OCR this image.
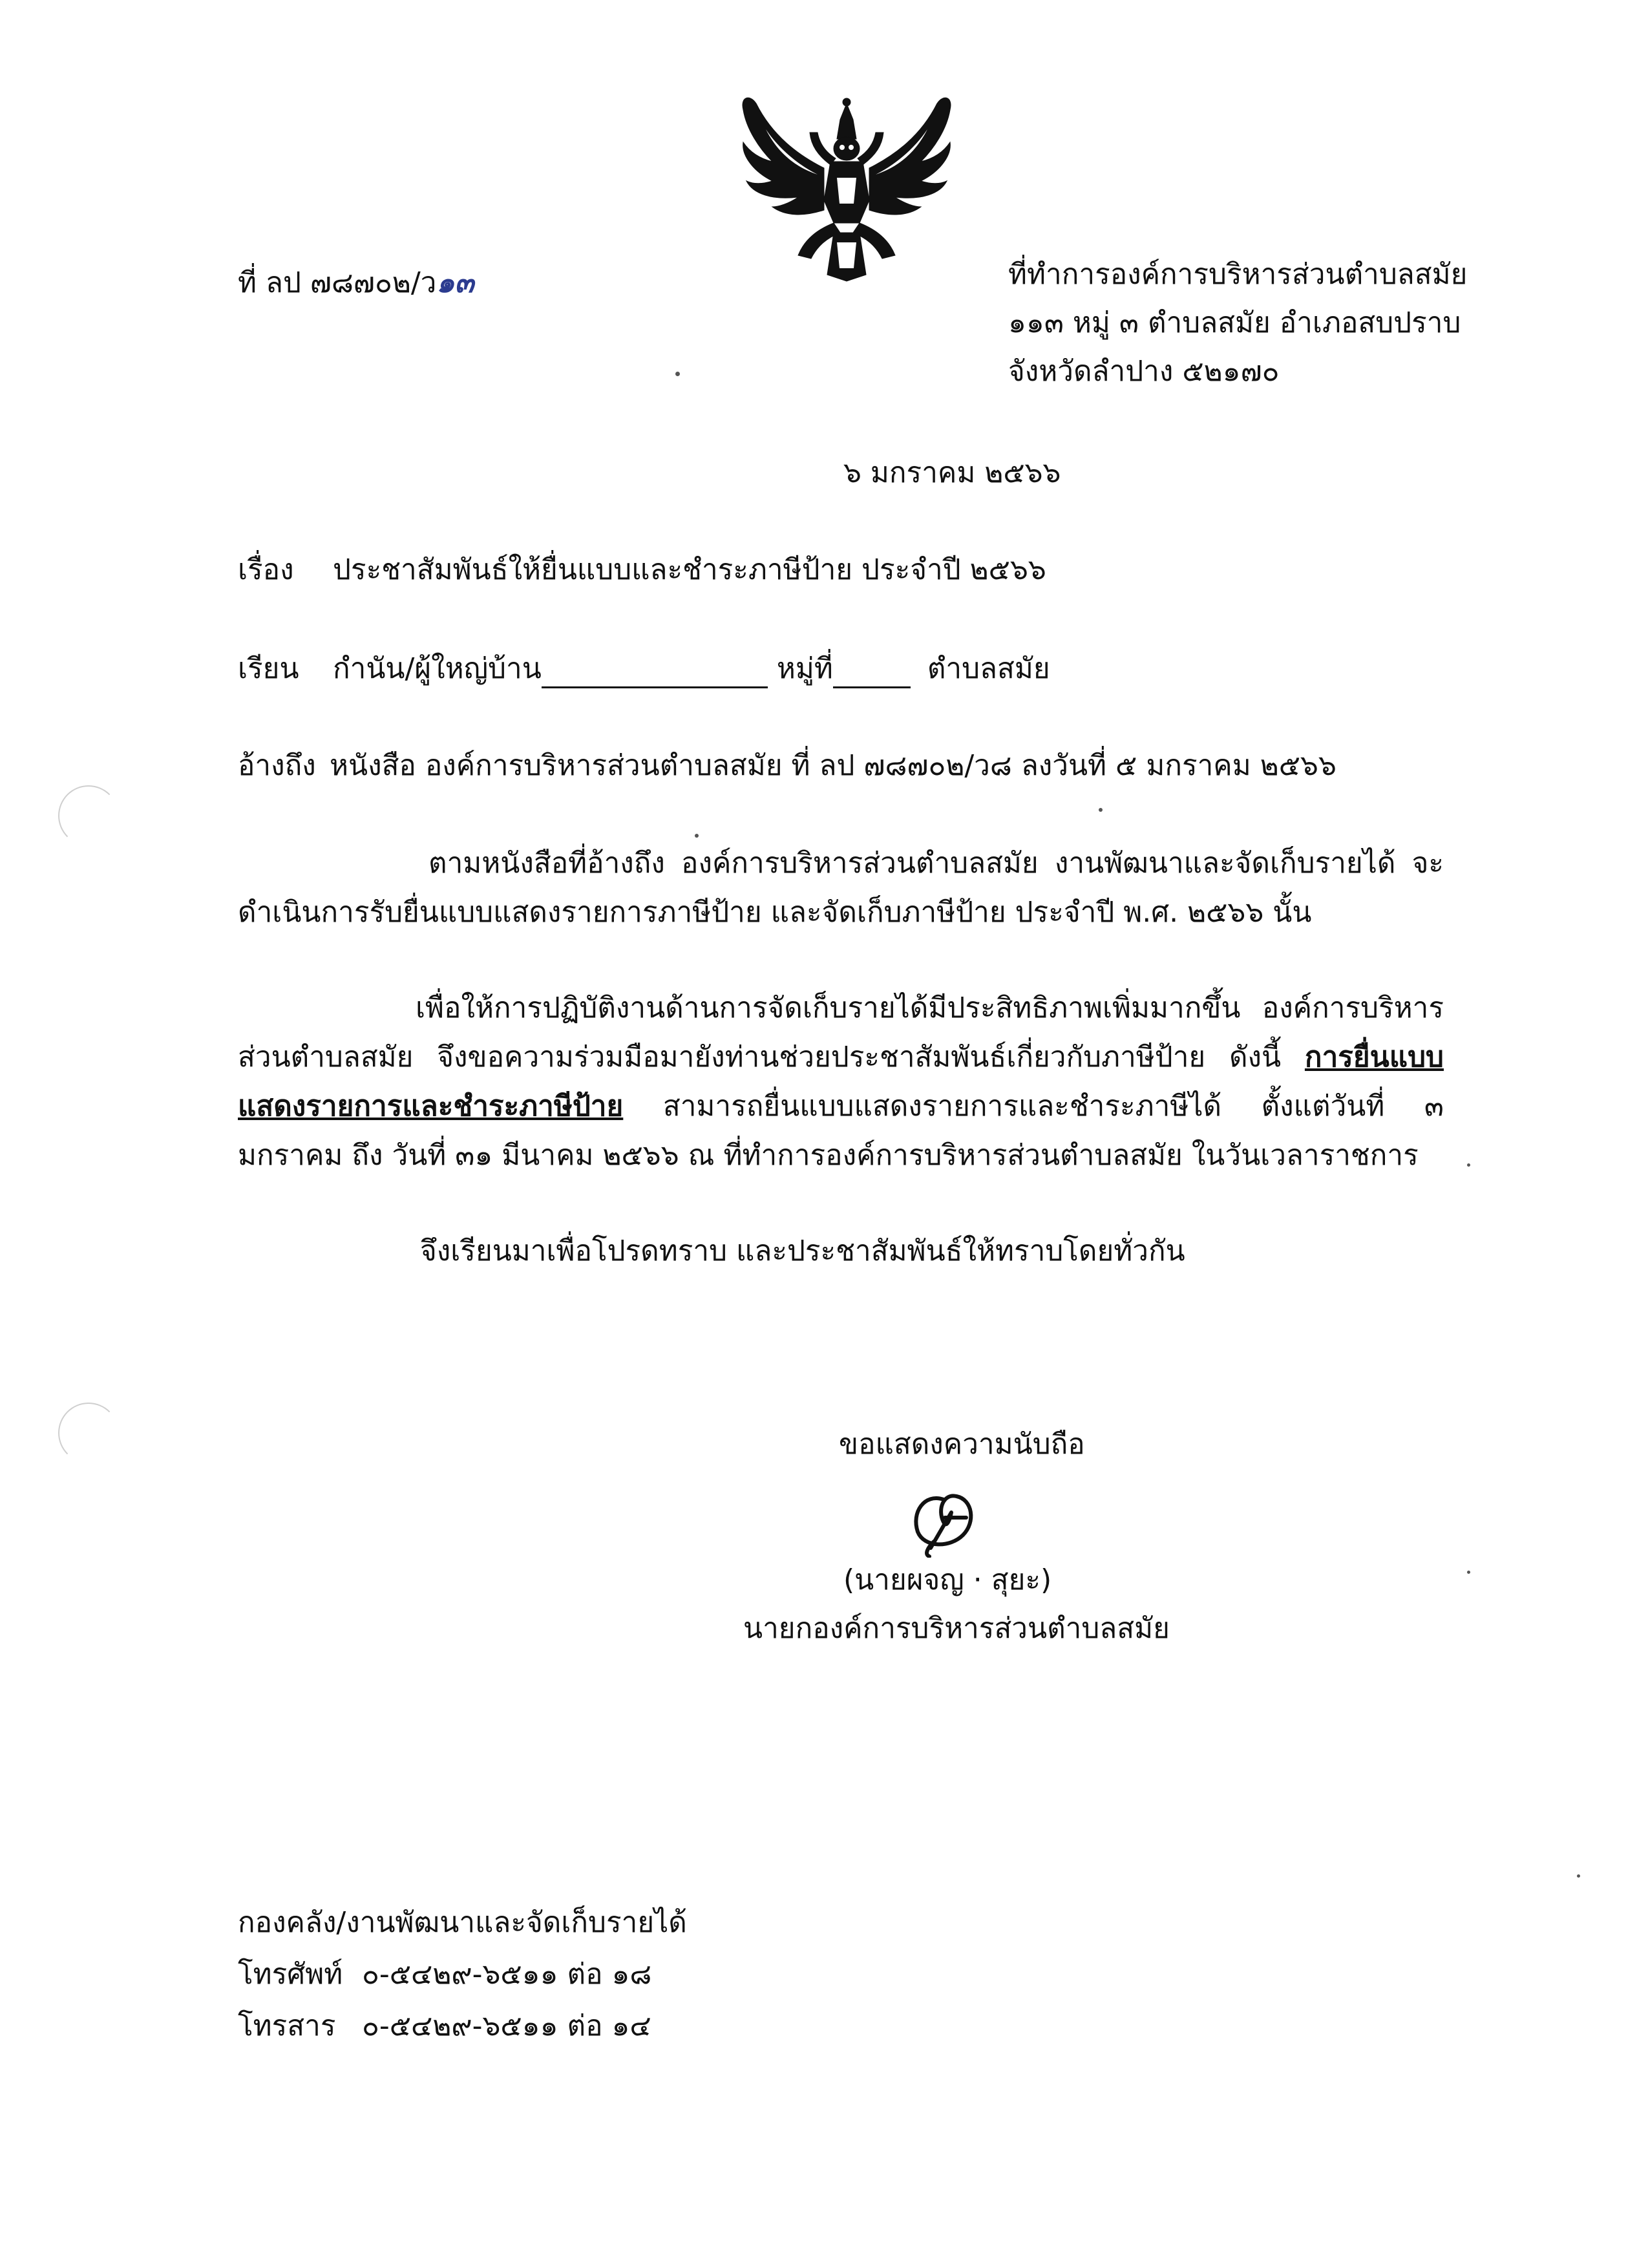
ที่ ลป ๗๘๗๐๒/ว๑๓	ที่ทำการองค์การบริหารส่วนตำบลสมัย
๑๑๓ หมู่ ๓ ตำบลสมัย อำเภอสบปราบ
จังหวัดลำปาง ๕๒๑๗๐
๖ มกราคม ๒๕๖๖
เรื่อง ประชาสัมพันธ์ให้ยื่นแบบและชำระภาษีป้าย ประจำปี ๒๕๖๖
เรียน กำนัน/ผู้ใหญ่บ้าน	หมู่ที่	ตำบลสมัย
อ้างถึง หนังสือ องค์การบริหารส่วนตำบลสมัย ที่ ลป ๗๘๗๐๒/ว๘ ลงวันที่ ๕ มกราคม ๒๕๖๖

ตามหนังสือที่อ้างถึง องค์การบริหารส่วนตำบลสมัย งานพัฒนาและจัดเก็บรายได้ จะดำเนินการรับยื่นแบบแสดงรายการภาษีป้าย และจัดเก็บภาษีป้าย ประจำปี พ.ศ. ๒๕๖๖ นั้น

เพื่อให้การปฏิบัติงานด้านการจัดเก็บรายได้มีประสิทธิภาพเพิ่มมากขึ้น องค์การบริหารส่วนตำบลสมัย จึงขอความร่วมมือมายังท่านช่วยประชาสัมพันธ์เกี่ยวกับภาษีป้าย ดังนี้ การยื่นแบบแสดงรายการและชำระภาษีป้าย สามารถยื่นแบบแสดงรายการและชำระภาษีได้ ตั้งแต่วันที่ ๓ มกราคม ถึง วันที่ ๓๑ มีนาคม ๒๕๖๖ ณ ที่ทำการองค์การบริหารส่วนตำบลสมัย ในวันเวลาราชการ

จึงเรียนมาเพื่อโปรดทราบ และประชาสัมพันธ์ให้ทราบโดยทั่วกัน
ขอแสดงความนับถือ
(นายผจญ · สุยะ)
นายกองค์การบริหารส่วนตำบลสมัย
กองคลัง/งานพัฒนาและจัดเก็บรายได้
โทรศัพท์ ๐-๕๔๒๙-๖๕๑๑ ต่อ ๑๘
โทรสาร ๐-๕๔๒๙-๖๕๑๑ ต่อ ๑๔
